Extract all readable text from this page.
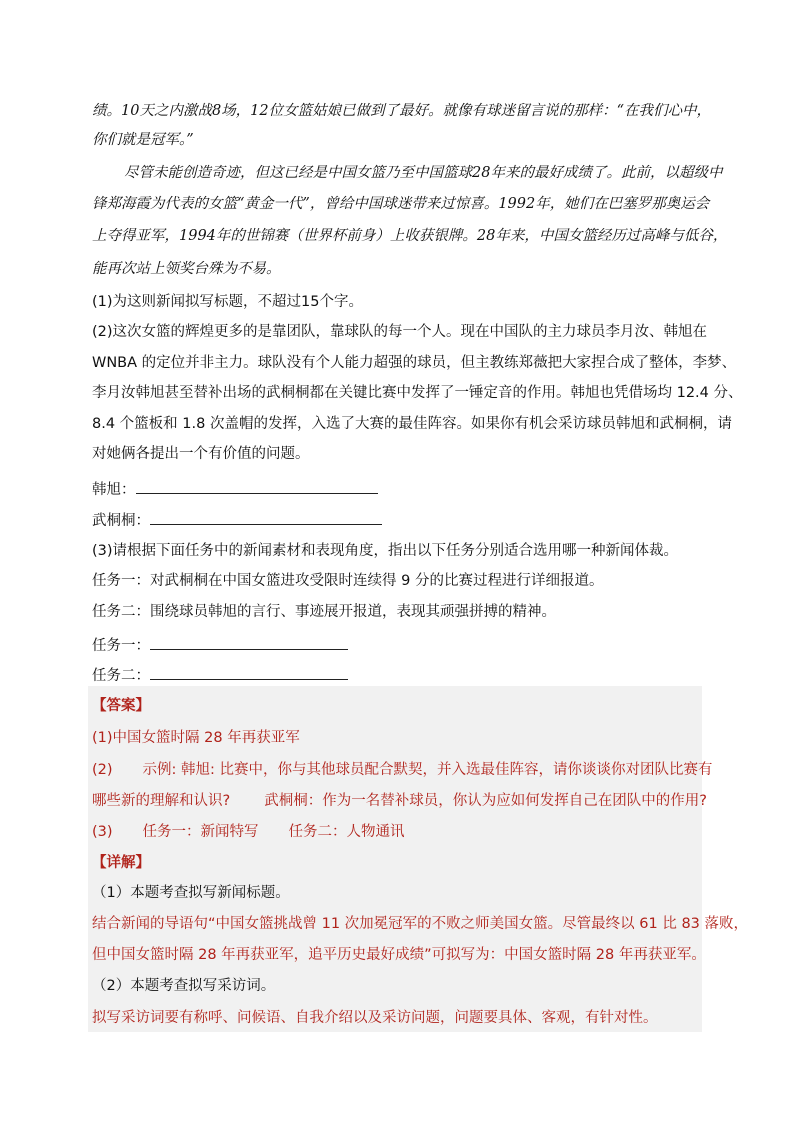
绩。10天之内激战8场，12位女篮姑娘已做到了最好。就像有球迷留言说的那样：“在我们心中，
你们就是冠军。”
尽管未能创造奇迹，但这已经是中国女篮乃至中国篮球28年来的最好成绩了。此前，以超级中
锋郑海霞为代表的女篮“黄金一代”，曾给中国球迷带来过惊喜。1992年，她们在巴塞罗那奥运会
上夺得亚军，1994年的世锦赛（世界杯前身）上收获银牌。28年来，中国女篮经历过高峰与低谷，
能再次站上领奖台殊为不易。
(1)为这则新闻拟写标题，不超过15个字。
(2)这次女篮的辉煌更多的是靠团队，靠球队的每一个人。现在中国队的主力球员李月汝、韩旭在
WNBA 的定位并非主力。球队没有个人能力超强的球员，但主教练郑薇把大家捏合成了整体，李梦、
李月汝韩旭甚至替补出场的武桐桐都在关键比赛中发挥了一锤定音的作用。韩旭也凭借场均 12.4 分、
8.4 个篮板和 1.8 次盖帽的发挥，入选了大赛的最佳阵容。如果你有机会采访球员韩旭和武桐桐，请
对她俩各提出一个有价值的问题。
韩旭：
武桐桐：
(3)请根据下面任务中的新闻素材和表现角度，指出以下任务分别适合选用哪一种新闻体裁。
任务一：对武桐桐在中国女篮进攻受限时连续得 9 分的比赛过程进行详细报道。
任务二：围绕球员韩旭的言行、事迹展开报道，表现其顽强拼搏的精神。
任务一：
任务二：
【答案】
(1)中国女篮时隔 28 年再获亚军
(2) 示例: 韩旭: 比赛中，你与其他球员配合默契，并入选最佳阵容，请你谈谈你对团队比赛有
哪些新的理解和认识? 武桐桐：作为一名替补球员，你认为应如何发挥自己在团队中的作用?
(3) 任务一：新闻特写 任务二：人物通讯
【详解】
（1）本题考查拟写新闻标题。
结合新闻的导语句“中国女篮挑战曾 11 次加冕冠军的不败之师美国女篮。尽管最终以 61 比 83 落败，
但中国女篮时隔 28 年再获亚军，追平历史最好成绩”可拟写为：中国女篮时隔 28 年再获亚军。
（2）本题考查拟写采访词。
拟写采访词要有称呼、问候语、自我介绍以及采访问题，问题要具体、客观，有针对性。
